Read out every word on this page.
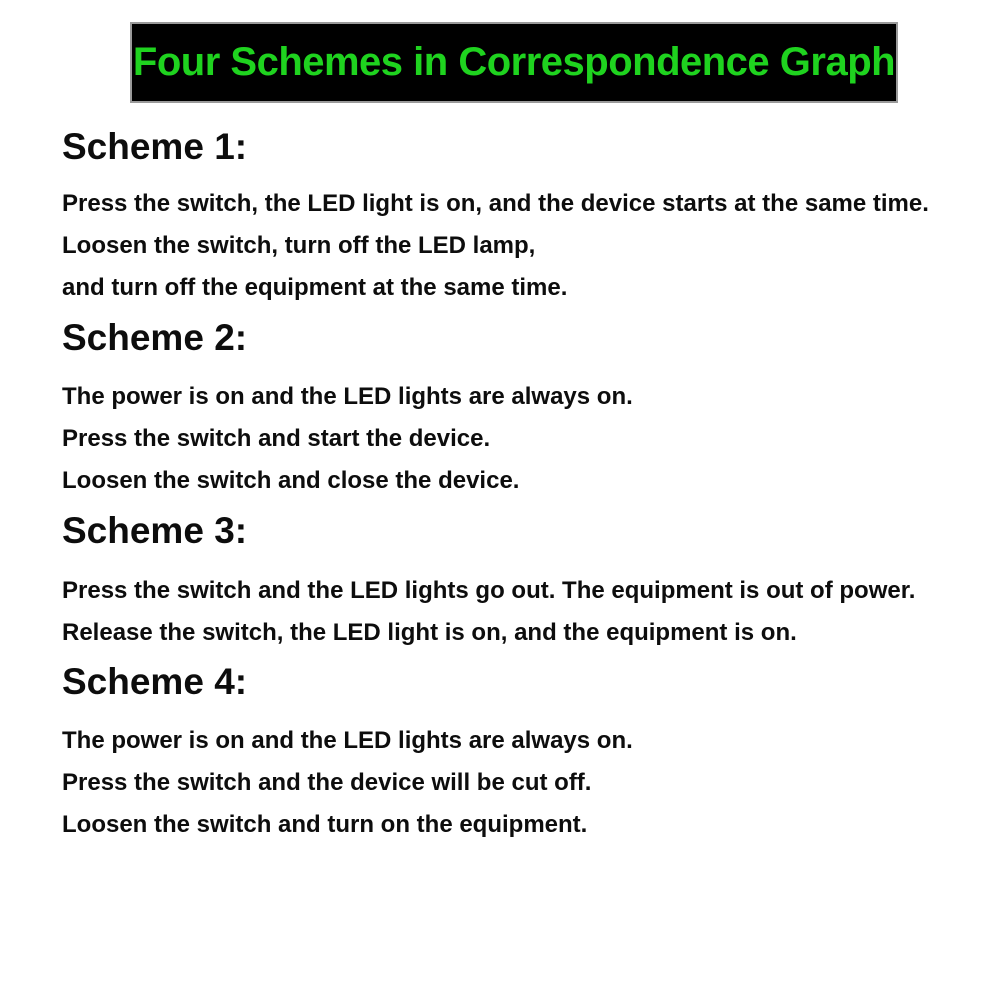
Four Schemes in Correspondence Graph
Scheme 1:

Press the switch, the LED light is on, and the device starts at the same time.

Loosen the switch, turn off the LED lamp,

and turn off the equipment at the same time.

Scheme 2:

The power is on and the LED lights are always on.

Press the switch and start the device.

Loosen the switch and close the device.

Scheme 3:

Press the switch and the LED lights go out. The equipment is out of power.

Release the switch, the LED light is on, and the equipment is on.

Scheme 4:

The power is on and the LED lights are always on.

Press the switch and the device will be cut off.

Loosen the switch and turn on the equipment.
